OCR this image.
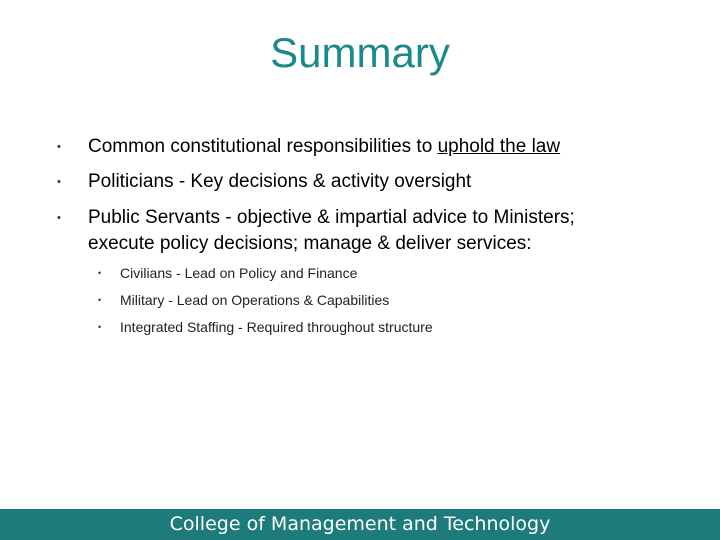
Summary
• Common constitutional responsibilities to uphold the law
• Politicians - Key decisions & activity oversight
• Public Servants - objective & impartial advice to Ministers;
execute policy decisions; manage & deliver services:
• Civilians - Lead on Policy and Finance
• Military - Lead on Operations & Capabilities
• Integrated Staffing - Required throughout structure
College of Management and Technology
